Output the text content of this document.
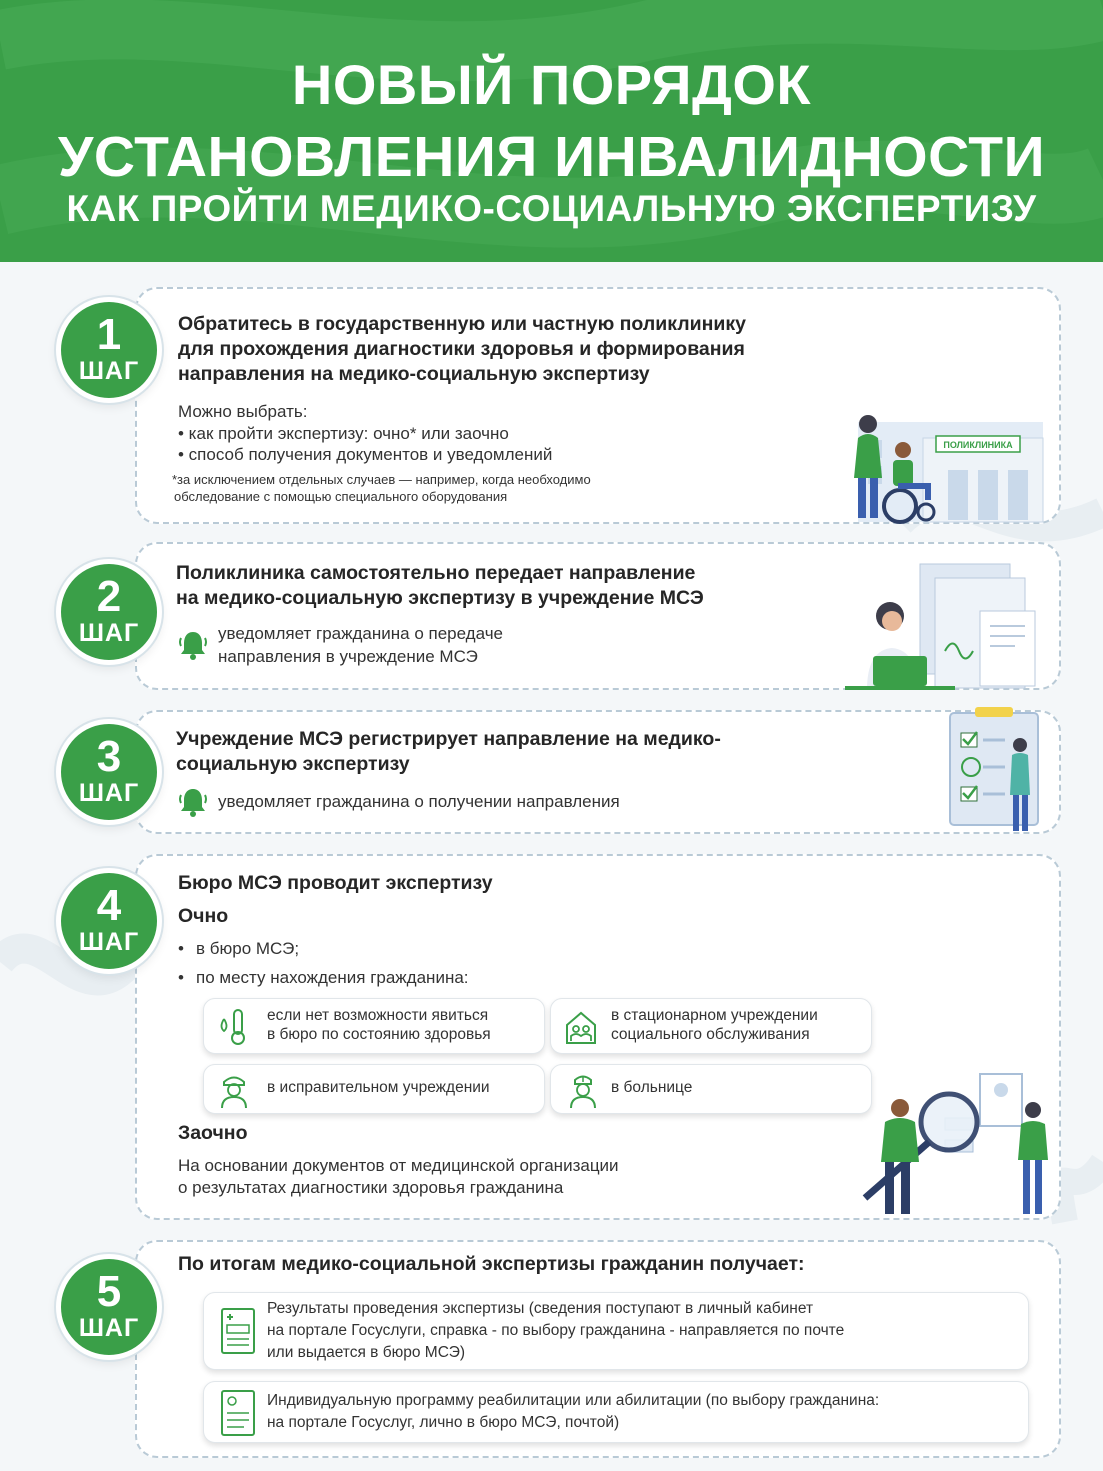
НОВЫЙ ПОРЯДОК
УСТАНОВЛЕНИЯ ИНВАЛИДНОСТИ
КАК ПРОЙТИ МЕДИКО-СОЦИАЛЬНУЮ ЭКСПЕРТИЗУ
1
ШАГ
Обратитесь в государственную или частную поликлинику
для прохождения диагностики здоровья и формирования
направления на медико-социальную экспертизу
Можно выбрать:
• как пройти экспертизу: очно* или заочно
• способ получения документов и уведомлений
*за исключением отдельных случаев — например, когда необходимо
обследование с помощью специального оборудования
ПОЛИКЛИНИКА
2
ШАГ
Поликлиника самостоятельно передает направление
на медико-социальную экспертизу в учреждение МСЭ
уведомляет гражданина о передаче
направления в учреждение МСЭ
3
ШАГ
Учреждение МСЭ регистрирует направление на медико-
социальную экспертизу
уведомляет гражданина о получении направления
4
ШАГ
Бюро МСЭ проводит экспертизу
Очно
• в бюро МСЭ;
• по месту нахождения гражданина:
если нет возможности явиться
в бюро по состоянию здоровья
в стационарном учреждении
социального обслуживания
в исправительном учреждении	в больнице
Заочно
На основании документов от медицинской организации
о результатах диагностики здоровья гражданина
5
ШАГ
По итогам медико-социальной экспертизы гражданин получает:
Результаты проведения экспертизы (сведения поступают в личный кабинет
на портале Госуслуги, справка - по выбору гражданина - направляется по почте
или выдается в бюро МСЭ)
Индивидуальную программу реабилитации или абилитации (по выбору гражданина:
на портале Госуслуг, лично в бюро МСЭ, почтой)
